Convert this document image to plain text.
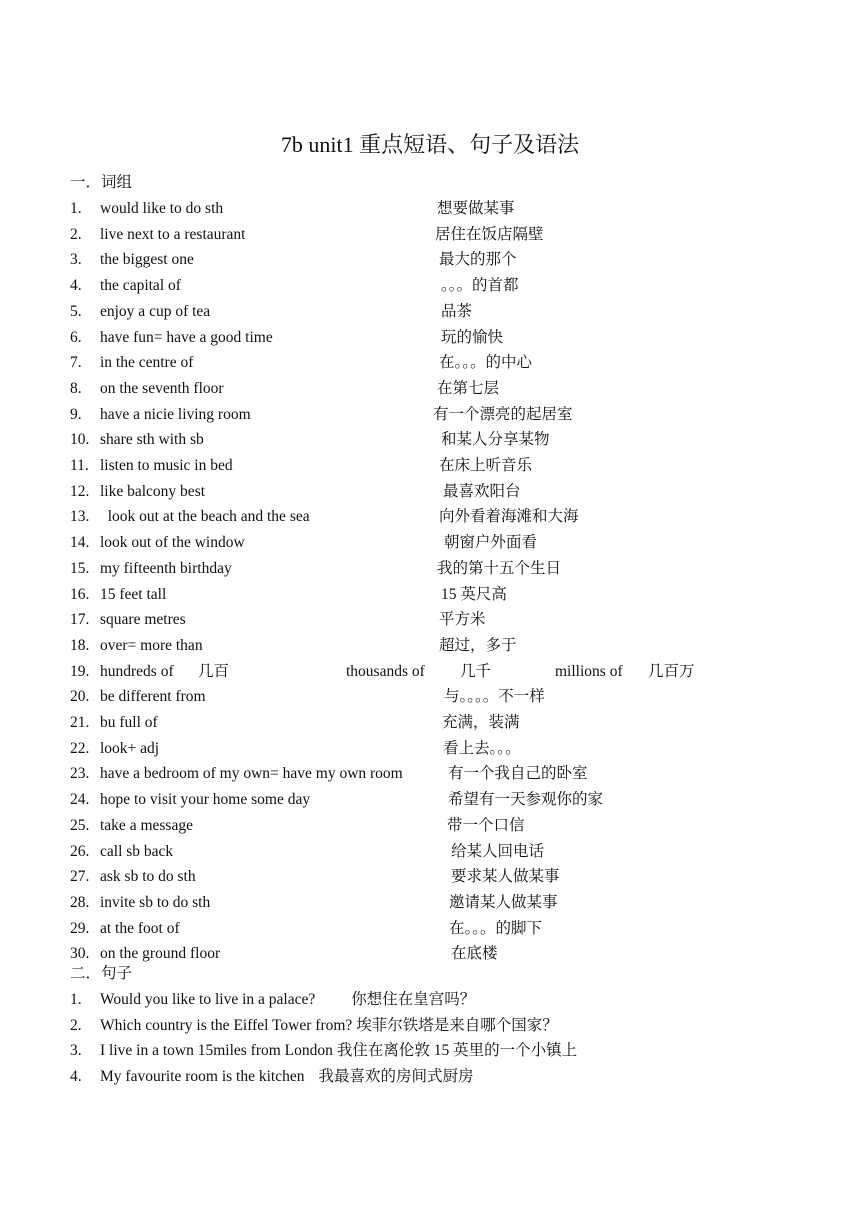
7b unit1 重点短语、句子及语法
一．词组
1. would like to do sth	想要做某事
2. live next to a restaurant	居住在饭店隔壁
3. the biggest one	最大的那个
4. the capital of	。。。的首都
5. enjoy a cup of tea	品茶
6. have fun= have a good time	玩的愉快
7. in the centre of	在。。。的中心
8. on the seventh floor	在第七层
9. have a nicie living room	有一个漂亮的起居室
10. share sth with sb	和某人分享某物
11. listen to music in bed	在床上听音乐
12. like balcony best	最喜欢阳台
13. look out at the beach and the sea	向外看着海滩和大海
14. look out of the window	朝窗户外面看
15. my fifteenth birthday	我的第十五个生日
16. 15 feet tall	15 英尺高
17. square metres	平方米
18. over= more than	超过，多于
19. hundreds of 几百	thousands of 几千	millions of 几百万
20. be different from	与。。。。不一样
21. bu full of	充满，装满
22. look+ adj	看上去。。。
23. have a bedroom of my own= have my own room	有一个我自己的卧室
24. hope to visit your home some day	希望有一天参观你的家
25. take a message	带一个口信
26. call sb back	给某人回电话
27. ask sb to do sth	要求某人做某事
28. invite sb to do sth	邀请某人做某事
29. at the foot of	在。。。的脚下
30. on the ground floor	在底楼
二．句子
1. Would you like to live in a palace? 你想住在皇宫吗？
2. Which country is the Eiffel Tower from? 埃菲尔铁塔是来自哪个国家？
3. I live in a town 15miles from London 我住在离伦敦 15 英里的一个小镇上
4. My favourite room is the kitchen 我最喜欢的房间式厨房
